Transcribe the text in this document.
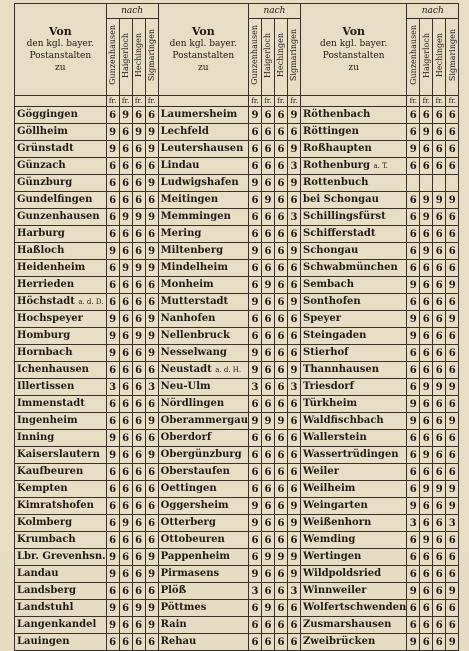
Von
den kgl. bayer.
Postanstalten
zu	nach				Von
den kgl. bayer.
Postanstalten
zu	nach				Von
den kgl. bayer.
Postanstalten
zu	nach			
	Gunzenhausen	Haigerloch	Hechingen	Sigmaringen		Gunzenhausen	Haigerloch	Hechingen	Sigmaringen		Gunzenhausen	Haigerloch	Hechingen	Sigmaringen
	fr.	fr.	fr.	fr.		fr.	fr.	fr.	fr.		fr.	fr.	fr.	fr.
Göggingen	6	9	6	6	Laumersheim	9	6	6	9	Röthenbach	6	6	6	6
Göllheim	9	6	9	9	Lechfeld	6	6	6	6	Röttingen	6	9	6	6
Grünstadt	9	6	6	9	Leutershausen	6	6	6	9	Roßhaupten	9	6	6	6
Günzach	6	6	6	6	Lindau	6	6	6	3	Rothenburg a. T.	6	6	6	6
Günzburg	6	6	6	9	Ludwigshafen	9	6	6	9	Rottenbuch				
Gundelfingen	6	6	6	6	Meitingen	6	9	6	6	bei Schongau	6	9	9	9
Gunzenhausen	6	9	9	9	Memmingen	6	6	6	3	Schillingsfürst	6	9	6	6
Harburg	6	6	6	6	Mering	6	6	6	6	Schifferstadt	6	6	6	6
Haßloch	9	6	6	9	Miltenberg	9	6	6	9	Schongau	6	9	6	6
Heidenheim	6	9	9	9	Mindelheim	6	6	6	6	Schwabmünchen	6	6	6	6
Herrieden	6	6	6	6	Monheim	6	9	6	6	Sembach	9	6	6	9
Höchstadt a. d. D.	6	6	6	6	Mutterstadt	9	6	6	9	Sonthofen	6	6	6	6
Hochspeyer	9	6	6	9	Nanhofen	6	6	6	6	Speyer	9	6	6	9
Homburg	9	6	9	9	Nellenbruck	6	6	6	6	Steingaden	9	6	6	6
Hornbach	9	6	6	9	Nesselwang	9	6	6	6	Stierhof	6	6	6	6
Ichenhausen	6	6	6	6	Neustadt a. d. H.	9	6	6	9	Thannhausen	6	6	6	6
Illertissen	3	6	6	3	Neu-Ulm	3	6	6	3	Triesdorf	6	9	9	9
Immenstadt	6	6	6	6	Nördlingen	6	6	6	6	Türkheim	9	6	6	6
Ingenheim	6	6	6	9	Oberammergau	9	9	9	6	Waldfischbach	9	6	6	9
Inning	9	6	6	6	Oberdorf	6	6	6	6	Wallerstein	6	6	6	6
Kaiserslautern	9	6	6	9	Obergünzburg	6	6	6	6	Wassertrüdingen	6	9	6	6
Kaufbeuren	6	6	6	6	Oberstaufen	6	6	6	6	Weiler	6	6	6	6
Kempten	6	6	6	6	Oettingen	6	6	6	6	Weilheim	6	9	9	9
Kimratshofen	6	6	6	6	Oggersheim	9	6	6	9	Weingarten	9	6	6	9
Kolmberg	6	9	6	6	Otterberg	9	6	6	9	Weißenhorn	3	6	6	3
Krumbach	6	6	6	6	Ottobeuren	6	6	6	6	Wemding	6	9	6	6
Lbr. Grevenhsn.	9	6	6	9	Pappenheim	6	9	9	9	Wertingen	6	6	6	6
Landau	9	6	6	9	Pirmasens	9	6	6	9	Wildpoldsried	6	6	6	6
Landsberg	6	6	6	6	Plöß	3	6	6	3	Winnweiler	9	6	6	9
Landstuhl	9	6	9	9	Pöttmes	6	9	6	6	Wolfertschwenden	6	6	6	6
Langenkandel	9	6	6	9	Rain	6	6	6	6	Zusmarshausen	6	6	6	6
Lauingen	6	6	6	6	Rehau	6	6	6	6	Zweibrücken	9	6	6	9
